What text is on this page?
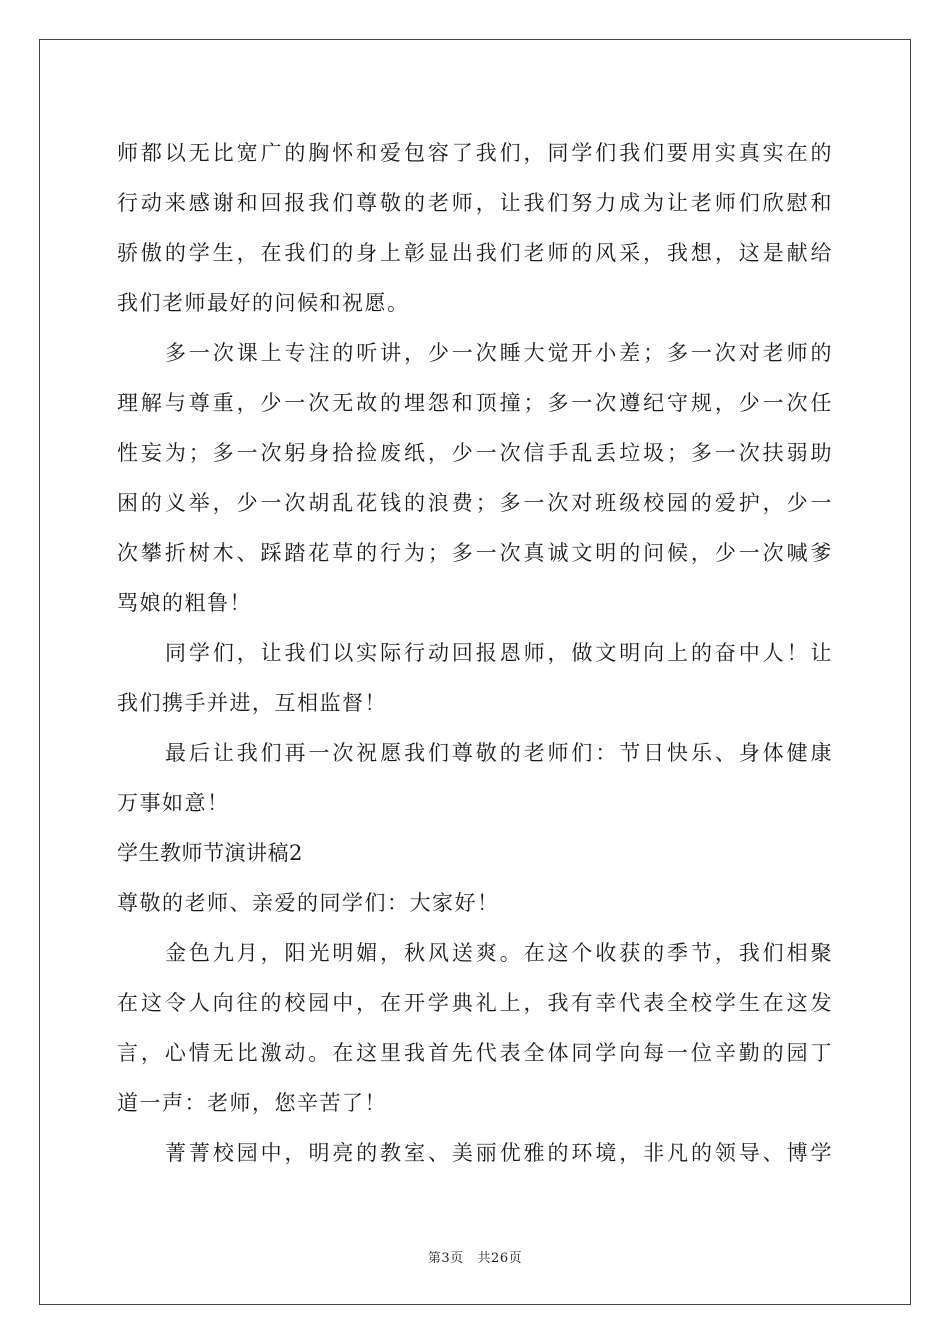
师都以无比宽广的胸怀和爱包容了我们，同学们我们要用实真实在的
行动来感谢和回报我们尊敬的老师，让我们努力成为让老师们欣慰和
骄傲的学生，在我们的身上彰显出我们老师的风采，我想，这是献给
我们老师最好的问候和祝愿。
多一次课上专注的听讲，少一次睡大觉开小差；多一次对老师的
理解与尊重，少一次无故的埋怨和顶撞；多一次遵纪守规，少一次任
性妄为；多一次躬身拾捡废纸，少一次信手乱丢垃圾；多一次扶弱助
困的义举，少一次胡乱花钱的浪费；多一次对班级校园的爱护，少一
次攀折树木、踩踏花草的行为；多一次真诚文明的问候，少一次喊爹
骂娘的粗鲁！
同学们，让我们以实际行动回报恩师，做文明向上的奋中人！让
我们携手并进，互相监督！
最后让我们再一次祝愿我们尊敬的老师们：节日快乐、身体健康
万事如意！
学生教师节演讲稿2
尊敬的老师、亲爱的同学们：大家好！
金色九月，阳光明媚，秋风送爽。在这个收获的季节，我们相聚
在这令人向往的校园中，在开学典礼上，我有幸代表全校学生在这发
言，心情无比激动。在这里我首先代表全体同学向每一位辛勤的园丁
道一声：老师，您辛苦了！
菁菁校园中，明亮的教室、美丽优雅的环境，非凡的领导、博学
第3页   共26页
